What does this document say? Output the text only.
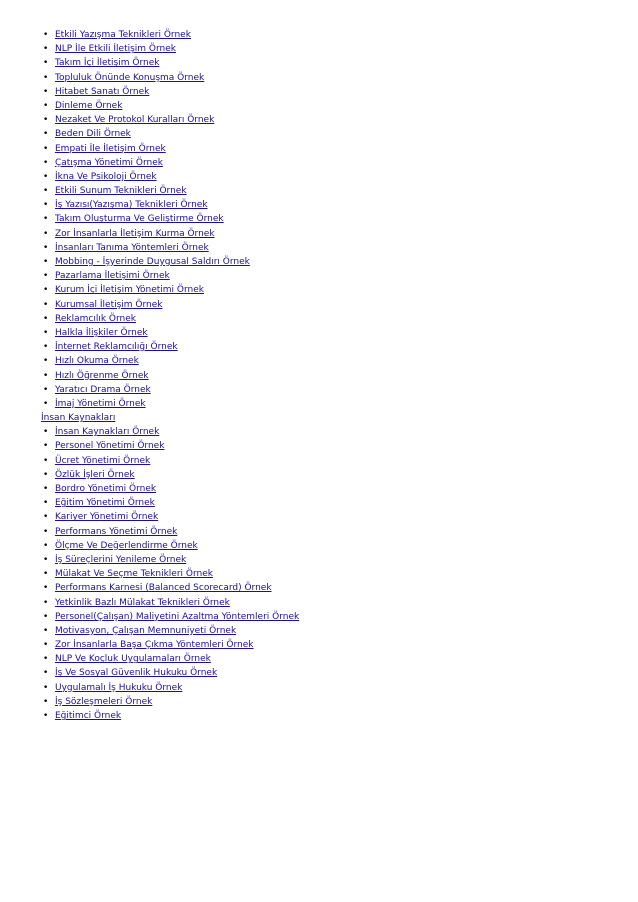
• Etkili Yazışma Teknikleri Örnek
• NLP İle Etkili İletişim Örnek
• Takım İçi İletişim Örnek
• Topluluk Önünde Konuşma Örnek
• Hitabet Sanatı Örnek
• Dinleme Örnek
• Nezaket Ve Protokol Kuralları Örnek
• Beden Dili Örnek
• Empati İle İletişim Örnek
• Çatışma Yönetimi Örnek
• İkna Ve Psikoloji Örnek
• Etkili Sunum Teknikleri Örnek
• İş Yazısı(Yazışma) Teknikleri Örnek
• Takım Oluşturma Ve Geliştirme Örnek
• Zor İnsanlarla İletişim Kurma Örnek
• İnsanları Tanıma Yöntemleri Örnek
• Mobbing - İşyerinde Duygusal Saldırı Örnek
• Pazarlama İletişimi Örnek
• Kurum İçi İletişim Yönetimi Örnek
• Kurumsal İletişim Örnek
• Reklamcılık Örnek
• Halkla İlişkiler Örnek
• İnternet Reklamcılığı Örnek
• Hızlı Okuma Örnek
• Hızlı Öğrenme Örnek
• Yaratıcı Drama Örnek
• İmaj Yönetimi Örnek
İnsan Kaynakları
• İnsan Kaynakları Örnek
• Personel Yönetimi Örnek
• Ücret Yönetimi Örnek
• Özlük İşleri Örnek
• Bordro Yönetimi Örnek
• Eğitim Yönetimi Örnek
• Kariyer Yönetimi Örnek
• Performans Yönetimi Örnek
• Ölçme Ve Değerlendirme Örnek
• İş Süreçlerini Yenileme Örnek
• Mülakat Ve Seçme Teknikleri Örnek
• Performans Karnesi (Balanced Scorecard) Örnek
• Yetkinlik Bazlı Mülakat Teknikleri Örnek
• Personel(Çalışan) Maliyetini Azaltma Yöntemleri Örnek
• Motivasyon, Çalışan Memnuniyeti Örnek
• Zor İnsanlarla Başa Çıkma Yöntemleri Örnek
• NLP Ve Koçluk Uygulamaları Örnek
• İş Ve Sosyal Güvenlik Hukuku Örnek
• Uygulamalı İş Hukuku Örnek
• İş Sözleşmeleri Örnek
• Eğitimci Örnek
